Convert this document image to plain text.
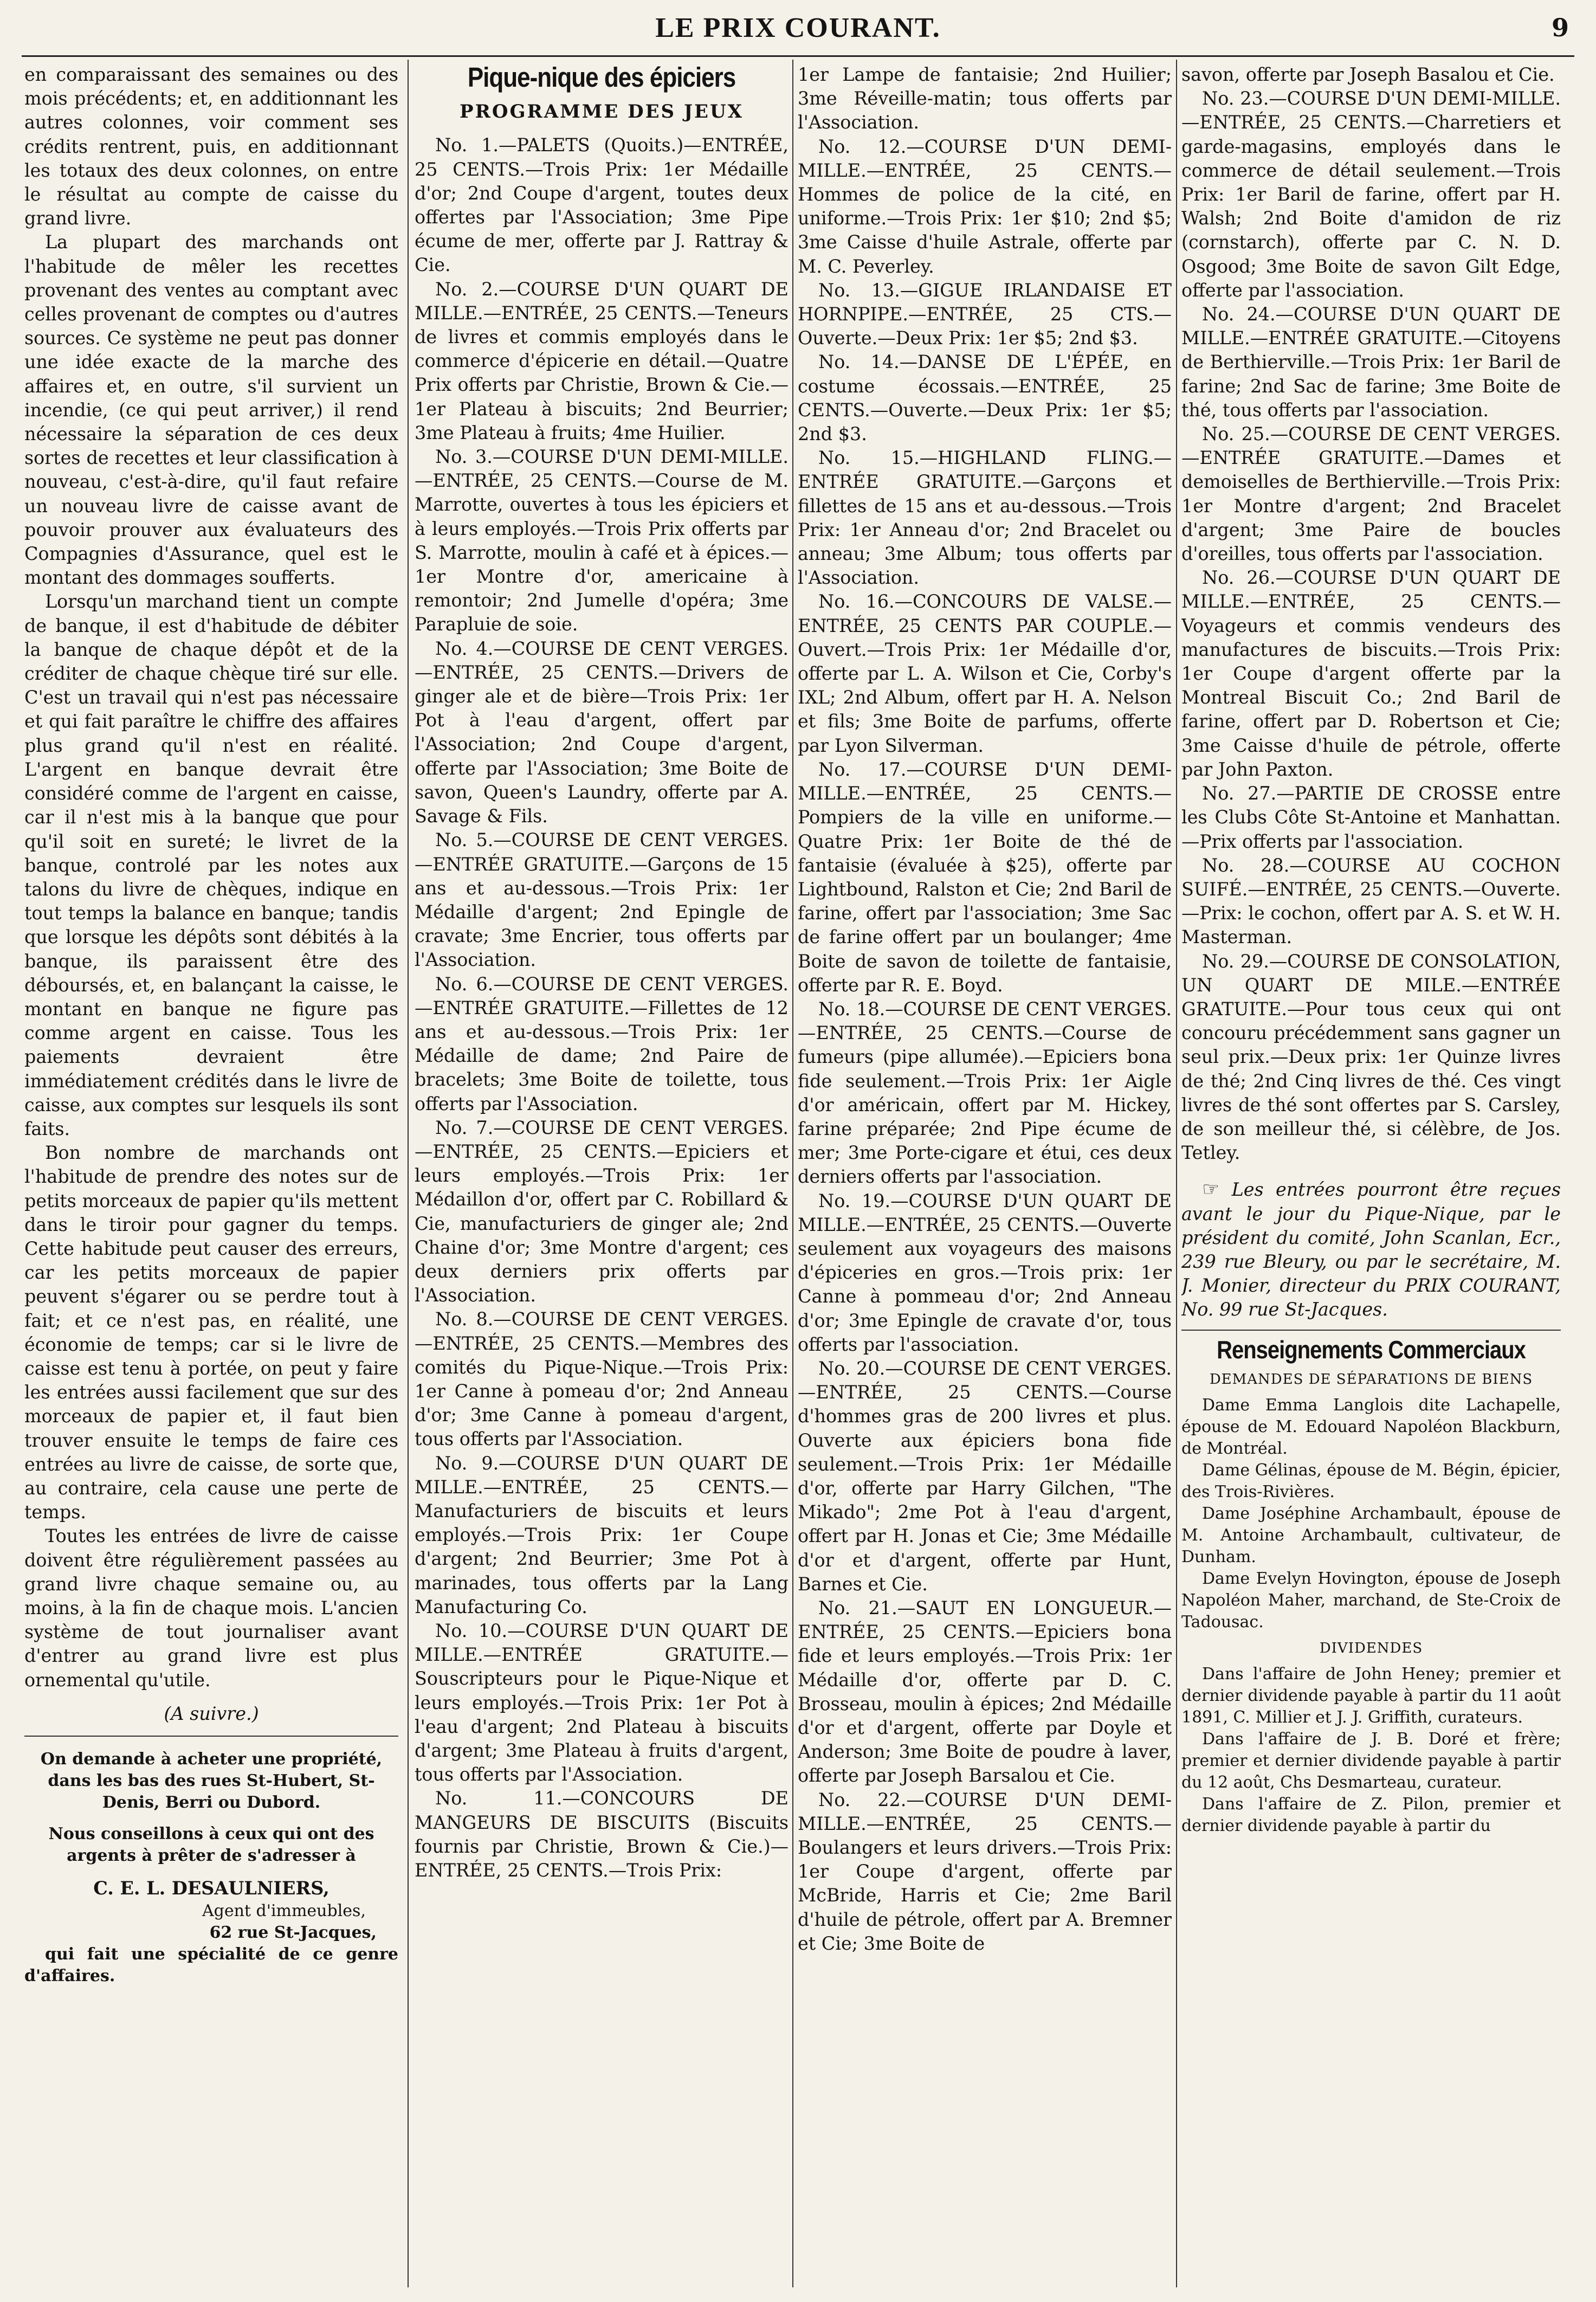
LE PRIX COURANT.	9

en comparaissant des semaines ou des mois précédents; et, en additionnant les autres colonnes, voir comment ses crédits rentrent, puis, en additionnant les totaux des deux colonnes, on entre le résultat au compte de caisse du grand livre.

La plupart des marchands ont l'habitude de mêler les recettes provenant des ventes au comptant avec celles provenant de comptes ou d'autres sources. Ce système ne peut pas donner une idée exacte de la marche des affaires et, en outre, s'il survient un incendie, (ce qui peut arriver,) il rend nécessaire la séparation de ces deux sortes de recettes et leur classification à nouveau, c'est-à-dire, qu'il faut refaire un nouveau livre de caisse avant de pouvoir prouver aux évaluateurs des Compagnies d'Assurance, quel est le montant des dommages soufferts.

Lorsqu'un marchand tient un compte de banque, il est d'habitude de débiter la banque de chaque dépôt et de la créditer de chaque chèque tiré sur elle. C'est un travail qui n'est pas nécessaire et qui fait paraître le chiffre des affaires plus grand qu'il n'est en réalité. L'argent en banque devrait être considéré comme de l'argent en caisse, car il n'est mis à la banque que pour qu'il soit en sureté; le livret de la banque, controlé par les notes aux talons du livre de chèques, indique en tout temps la balance en banque; tandis que lorsque les dépôts sont débités à la banque, ils paraissent être des déboursés, et, en balançant la caisse, le montant en banque ne figure pas comme argent en caisse. Tous les paiements devraient être immédiatement crédités dans le livre de caisse, aux comptes sur lesquels ils sont faits.

Bon nombre de marchands ont l'habitude de prendre des notes sur de petits morceaux de papier qu'ils mettent dans le tiroir pour gagner du temps. Cette habitude peut causer des erreurs, car les petits morceaux de papier peuvent s'égarer ou se perdre tout à fait; et ce n'est pas, en réalité, une économie de temps; car si le livre de caisse est tenu à portée, on peut y faire les entrées aussi facilement que sur des morceaux de papier et, il faut bien trouver ensuite le temps de faire ces entrées au livre de caisse, de sorte que, au contraire, cela cause une perte de temps.

Toutes les entrées de livre de caisse doivent être régulièrement passées au grand livre chaque semaine ou, au moins, à la fin de chaque mois. L'ancien système de tout journaliser avant d'entrer au grand livre est plus ornemental qu'utile.

(A suivre.)

On demande à acheter une propriété, dans les bas des rues St-Hubert, St-Denis, Berri ou Dubord.

Nous conseillons à ceux qui ont des argents à prêter de s'adresser à

C. E. L. DESAULNIERS,

Agent d'immeubles,

62 rue St-Jacques,

qui fait une spécialité de ce genre d'affaires.

Pique-nique des épiciers
PROGRAMME DES JEUX

No. 1.—PALETS (Quoits.)—ENTRÉE, 25 CENTS.—Trois Prix: 1er Médaille d'or; 2nd Coupe d'argent, toutes deux offertes par l'Association; 3me Pipe écume de mer, offerte par J. Rattray & Cie.

No. 2.—COURSE D'UN QUART DE MILLE.—ENTRÉE, 25 CENTS.—Teneurs de livres et commis employés dans le commerce d'épicerie en détail.—Quatre Prix offerts par Christie, Brown & Cie.—1er Plateau à biscuits; 2nd Beurrier; 3me Plateau à fruits; 4me Huilier.

No. 3.—COURSE D'UN DEMI-MILLE.—ENTRÉE, 25 CENTS.—Course de M. Marrotte, ouvertes à tous les épiciers et à leurs employés.—Trois Prix offerts par S. Marrotte, moulin à café et à épices.—1er Montre d'or, americaine à remontoir; 2nd Jumelle d'opéra; 3me Parapluie de soie.

No. 4.—COURSE DE CENT VERGES.—ENTRÉE, 25 CENTS.—Drivers de ginger ale et de bière—Trois Prix: 1er Pot à l'eau d'argent, offert par l'Association; 2nd Coupe d'argent, offerte par l'Association; 3me Boite de savon, Queen's Laundry, offerte par A. Savage & Fils.

No. 5.—COURSE DE CENT VERGES.—ENTRÉE GRATUITE.—Garçons de 15 ans et au-dessous.—Trois Prix: 1er Médaille d'argent; 2nd Epingle de cravate; 3me Encrier, tous offerts par l'Association.

No. 6.—COURSE DE CENT VERGES.—ENTRÉE GRATUITE.—Fillettes de 12 ans et au-dessous.—Trois Prix: 1er Médaille de dame; 2nd Paire de bracelets; 3me Boite de toilette, tous offerts par l'Association.

No. 7.—COURSE DE CENT VERGES.—ENTRÉE, 25 CENTS.—Epiciers et leurs employés.—Trois Prix: 1er Médaillon d'or, offert par C. Robillard & Cie, manufacturiers de ginger ale; 2nd Chaine d'or; 3me Montre d'argent; ces deux derniers prix offerts par l'Association.

No. 8.—COURSE DE CENT VERGES.—ENTRÉE, 25 CENTS.—Membres des comités du Pique-Nique.—Trois Prix: 1er Canne à pomeau d'or; 2nd Anneau d'or; 3me Canne à pomeau d'argent, tous offerts par l'Association.

No. 9.—COURSE D'UN QUART DE MILLE.—ENTRÉE, 25 CENTS.—Manufacturiers de biscuits et leurs employés.—Trois Prix: 1er Coupe d'argent; 2nd Beurrier; 3me Pot à marinades, tous offerts par la Lang Manufacturing Co.

No. 10.—COURSE D'UN QUART DE MILLE.—ENTRÉE GRATUITE.—Souscripteurs pour le Pique-Nique et leurs employés.—Trois Prix: 1er Pot à l'eau d'argent; 2nd Plateau à biscuits d'argent; 3me Plateau à fruits d'argent, tous offerts par l'Association.

No. 11.—CONCOURS DE MANGEURS DE BISCUITS (Biscuits fournis par Christie, Brown & Cie.)—ENTRÉE, 25 CENTS.—Trois Prix:

1er Lampe de fantaisie; 2nd Huilier; 3me Réveille-matin; tous offerts par l'Association.

No. 12.—COURSE D'UN DEMI-MILLE.—ENTRÉE, 25 CENTS.—Hommes de police de la cité, en uniforme.—Trois Prix: 1er $10; 2nd $5; 3me Caisse d'huile Astrale, offerte par M. C. Peverley.

No. 13.—GIGUE IRLANDAISE ET HORNPIPE.—ENTRÉE, 25 CTS.—Ouverte.—Deux Prix: 1er $5; 2nd $3.

No. 14.—DANSE DE L'ÉPÉE, en costume écossais.—ENTRÉE, 25 CENTS.—Ouverte.—Deux Prix: 1er $5; 2nd $3.

No. 15.—HIGHLAND FLING.—ENTRÉE GRATUITE.—Garçons et fillettes de 15 ans et au-dessous.—Trois Prix: 1er Anneau d'or; 2nd Bracelet ou anneau; 3me Album; tous offerts par l'Association.

No. 16.—CONCOURS DE VALSE.—ENTRÉE, 25 CENTS PAR COUPLE.—Ouvert.—Trois Prix: 1er Médaille d'or, offerte par L. A. Wilson et Cie, Corby's IXL; 2nd Album, offert par H. A. Nelson et fils; 3me Boite de parfums, offerte par Lyon Silverman.

No. 17.—COURSE D'UN DEMI-MILLE.—ENTRÉE, 25 CENTS.—Pompiers de la ville en uniforme.—Quatre Prix: 1er Boite de thé de fantaisie (évaluée à $25), offerte par Lightbound, Ralston et Cie; 2nd Baril de farine, offert par l'association; 3me Sac de farine offert par un boulanger; 4me Boite de savon de toilette de fantaisie, offerte par R. E. Boyd.

No. 18.—COURSE DE CENT VERGES.—ENTRÉE, 25 CENTS.—Course de fumeurs (pipe allumée).—Epiciers bona fide seulement.—Trois Prix: 1er Aigle d'or américain, offert par M. Hickey, farine préparée; 2nd Pipe écume de mer; 3me Porte-cigare et étui, ces deux derniers offerts par l'association.

No. 19.—COURSE D'UN QUART DE MILLE.—ENTRÉE, 25 CENTS.—Ouverte seulement aux voyageurs des maisons d'épiceries en gros.—Trois prix: 1er Canne à pommeau d'or; 2nd Anneau d'or; 3me Epingle de cravate d'or, tous offerts par l'association.

No. 20.—COURSE DE CENT VERGES.—ENTRÉE, 25 CENTS.—Course d'hommes gras de 200 livres et plus. Ouverte aux épiciers bona fide seulement.—Trois Prix: 1er Médaille d'or, offerte par Harry Gilchen, "The Mikado"; 2me Pot à l'eau d'argent, offert par H. Jonas et Cie; 3me Médaille d'or et d'argent, offerte par Hunt, Barnes et Cie.

No. 21.—SAUT EN LONGUEUR.—ENTRÉE, 25 CENTS.—Epiciers bona fide et leurs employés.—Trois Prix: 1er Médaille d'or, offerte par D. C. Brosseau, moulin à épices; 2nd Médaille d'or et d'argent, offerte par Doyle et Anderson; 3me Boite de poudre à laver, offerte par Joseph Barsalou et Cie.

No. 22.—COURSE D'UN DEMI-MILLE.—ENTRÉE, 25 CENTS.—Boulangers et leurs drivers.—Trois Prix: 1er Coupe d'argent, offerte par McBride, Harris et Cie; 2me Baril d'huile de pétrole, offert par A. Bremner et Cie; 3me Boite de

savon, offerte par Joseph Basalou et Cie.

No. 23.—COURSE D'UN DEMI-MILLE.—ENTRÉE, 25 CENTS.—Charretiers et garde-magasins, employés dans le commerce de détail seulement.—Trois Prix: 1er Baril de farine, offert par H. Walsh; 2nd Boite d'amidon de riz (cornstarch), offerte par C. N. D. Osgood; 3me Boite de savon Gilt Edge, offerte par l'association.

No. 24.—COURSE D'UN QUART DE MILLE.—ENTRÉE GRATUITE.—Citoyens de Berthierville.—Trois Prix: 1er Baril de farine; 2nd Sac de farine; 3me Boite de thé, tous offerts par l'association.

No. 25.—COURSE DE CENT VERGES.—ENTRÉE GRATUITE.—Dames et demoiselles de Berthierville.—Trois Prix: 1er Montre d'argent; 2nd Bracelet d'argent; 3me Paire de boucles d'oreilles, tous offerts par l'association.

No. 26.—COURSE D'UN QUART DE MILLE.—ENTRÉE, 25 CENTS.—Voyageurs et commis vendeurs des manufactures de biscuits.—Trois Prix: 1er Coupe d'argent offerte par la Montreal Biscuit Co.; 2nd Baril de farine, offert par D. Robertson et Cie; 3me Caisse d'huile de pétrole, offerte par John Paxton.

No. 27.—PARTIE DE CROSSE entre les Clubs Côte St-Antoine et Manhattan.—Prix offerts par l'association.

No. 28.—COURSE AU COCHON SUIFÉ.—ENTRÉE, 25 CENTS.—Ouverte.—Prix: le cochon, offert par A. S. et W. H. Masterman.

No. 29.—COURSE DE CONSOLATION, UN QUART DE MILE.—ENTRÉE GRATUITE.—Pour tous ceux qui ont concouru précédemment sans gagner un seul prix.—Deux prix: 1er Quinze livres de thé; 2nd Cinq livres de thé. Ces vingt livres de thé sont offertes par S. Carsley, de son meilleur thé, si célèbre, de Jos. Tetley.

☞ Les entrées pourront être reçues avant le jour du Pique-Nique, par le président du comité, John Scanlan, Ecr., 239 rue Bleury, ou par le secrétaire, M. J. Monier, directeur du PRIX COURANT, No. 99 rue St-Jacques.

Renseignements Commerciaux
DEMANDES DE SÉPARATIONS DE BIENS

Dame Emma Langlois dite Lachapelle, épouse de M. Edouard Napoléon Blackburn, de Montréal.

Dame Gélinas, épouse de M. Bégin, épicier, des Trois-Rivières.

Dame Joséphine Archambault, épouse de M. Antoine Archambault, cultivateur, de Dunham.

Dame Evelyn Hovington, épouse de Joseph Napoléon Maher, marchand, de Ste-Croix de Tadousac.

DIVIDENDES

Dans l'affaire de John Heney; premier et dernier dividende payable à partir du 11 août 1891, C. Millier et J. J. Griffith, curateurs.

Dans l'affaire de J. B. Doré et frère; premier et dernier dividende payable à partir du 12 août, Chs Desmarteau, curateur.

Dans l'affaire de Z. Pilon, premier et dernier dividende payable à partir du
